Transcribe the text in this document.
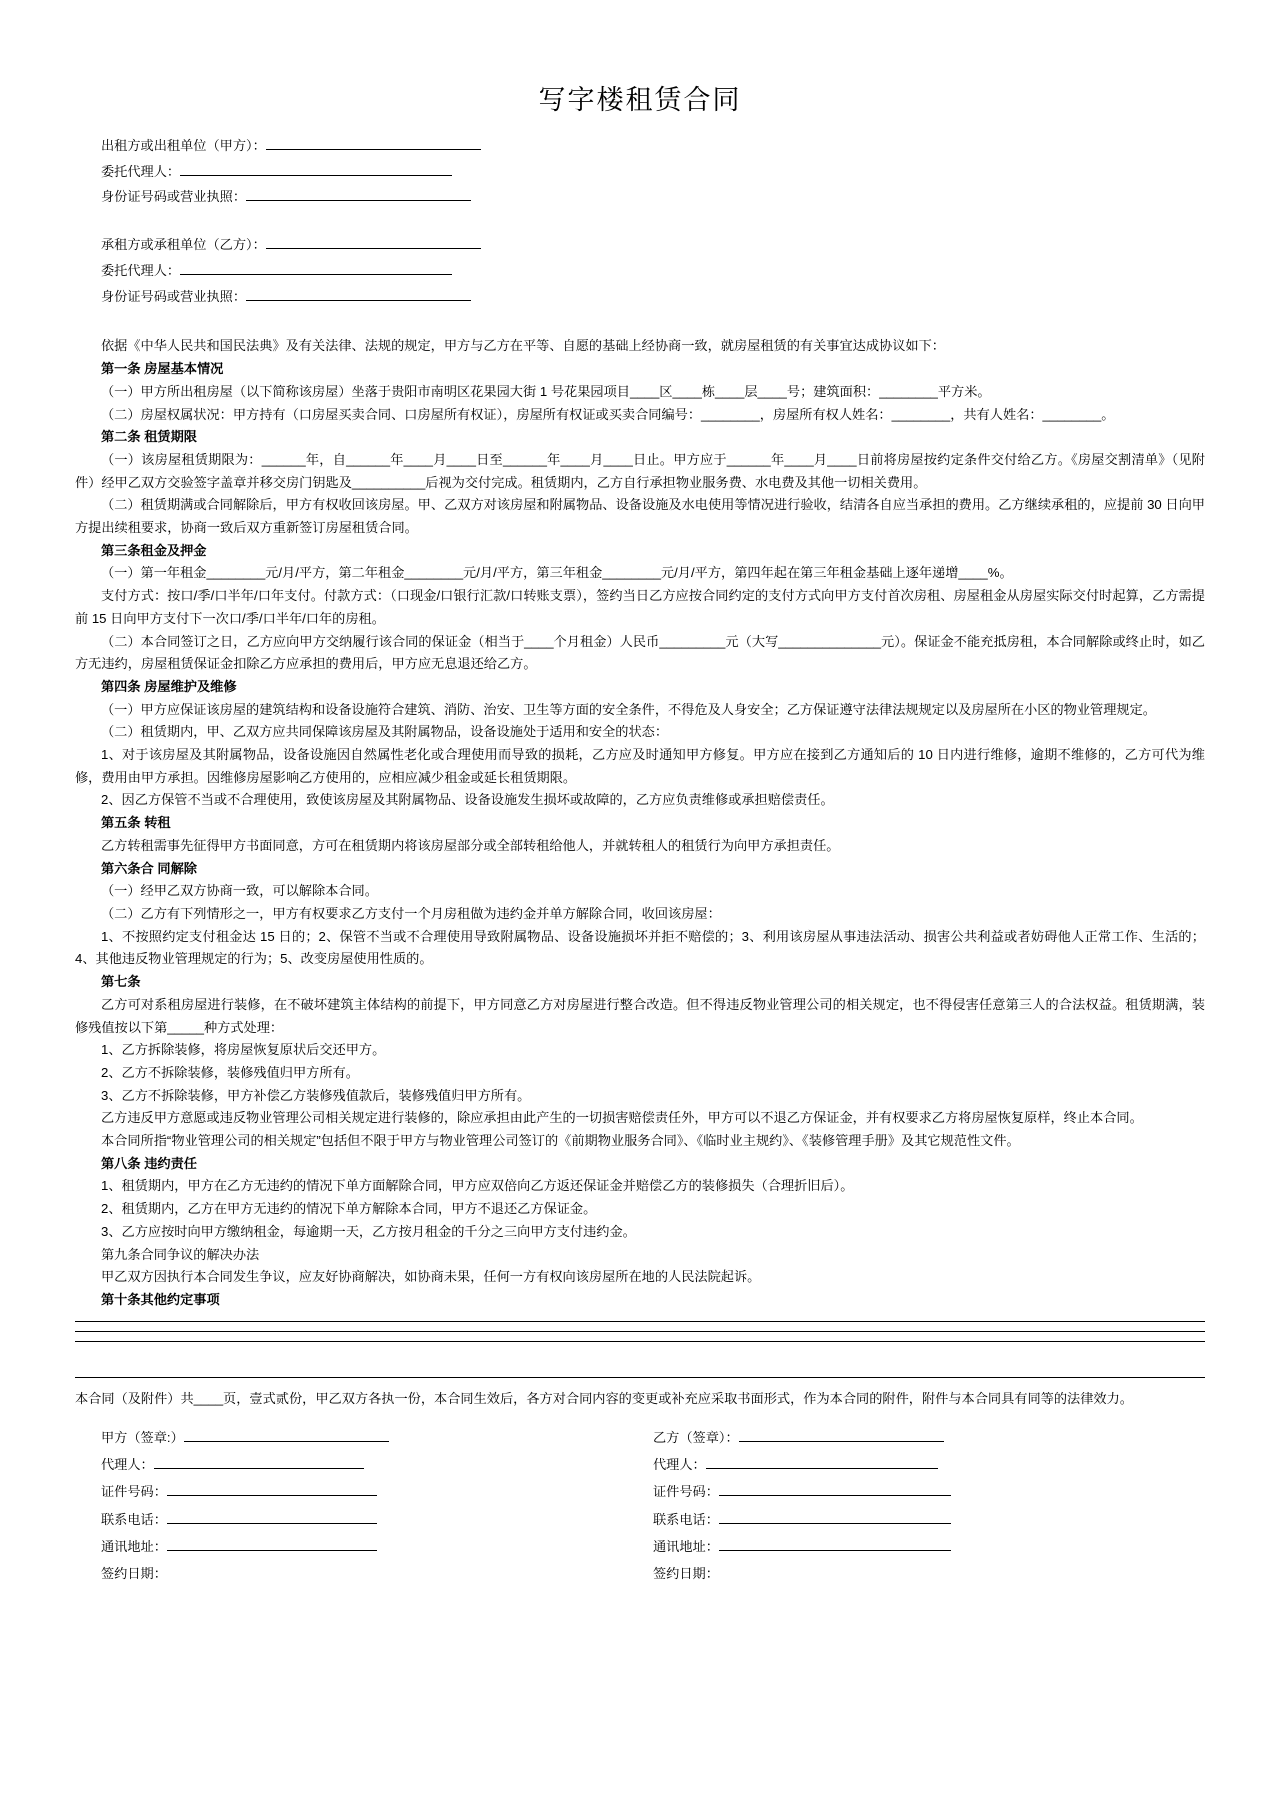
写字楼租赁合同
出租方或出租单位（甲方）：
委托代理人：
身份证号码或营业执照：
承租方或承租单位（乙方）：
委托代理人：
身份证号码或营业执照：

依据《中华人民共和国民法典》及有关法律、法规的规定，甲方与乙方在平等、自愿的基础上经协商一致，就房屋租赁的有关事宜达成协议如下：

第一条 房屋基本情况

（一）甲方所出租房屋（以下简称该房屋）坐落于贵阳市南明区花果园大街 1 号花果园项目____区____栋____层____号；建筑面积：________平方米。

（二）房屋权属状况：甲方持有（口房屋买卖合同、口房屋所有权证），房屋所有权证或买卖合同编号：________，房屋所有权人姓名：________，共有人姓名：________。

第二条 租赁期限

（一）该房屋租赁期限为：______年，自______年____月____日至______年____月____日止。甲方应于______年____月____日前将房屋按约定条件交付给乙方。《房屋交割清单》（见附件）经甲乙双方交验签字盖章并移交房门钥匙及__________后视为交付完成。租赁期内，乙方自行承担物业服务费、水电费及其他一切相关费用。

（二）租赁期满或合同解除后，甲方有权收回该房屋。甲、乙双方对该房屋和附属物品、设备设施及水电使用等情况进行验收，结清各自应当承担的费用。乙方继续承租的，应提前 30 日向甲方提出续租要求，协商一致后双方重新签订房屋租赁合同。

第三条租金及押金

（一）第一年租金________元/月/平方，第二年租金________元/月/平方，第三年租金________元/月/平方，第四年起在第三年租金基础上逐年递增____%。

支付方式：按口/季/口半年/口年支付。付款方式：（口现金/口银行汇款/口转账支票），签约当日乙方应按合同约定的支付方式向甲方支付首次房租、房屋租金从房屋实际交付时起算，乙方需提前 15 日向甲方支付下一次口/季/口半年/口年的房租。

（二）本合同签订之日，乙方应向甲方交纳履行该合同的保证金（相当于____个月租金）人民币_________元（大写______________元）。保证金不能充抵房租，本合同解除或终止时，如乙方无违约，房屋租赁保证金扣除乙方应承担的费用后，甲方应无息退还给乙方。

第四条 房屋维护及维修

（一）甲方应保证该房屋的建筑结构和设备设施符合建筑、消防、治安、卫生等方面的安全条件，不得危及人身安全；乙方保证遵守法律法规规定以及房屋所在小区的物业管理规定。

（二）租赁期内，甲、乙双方应共同保障该房屋及其附属物品，设备设施处于适用和安全的状态：

1、对于该房屋及其附属物品，设备设施因自然属性老化或合理使用而导致的损耗，乙方应及时通知甲方修复。甲方应在接到乙方通知后的 10 日内进行维修，逾期不维修的，乙方可代为维修，费用由甲方承担。因维修房屋影响乙方使用的，应相应减少租金或延长租赁期限。

2、因乙方保管不当或不合理使用，致使该房屋及其附属物品、设备设施发生损坏或故障的，乙方应负责维修或承担赔偿责任。

第五条 转租

乙方转租需事先征得甲方书面同意，方可在租赁期内将该房屋部分或全部转租给他人，并就转租人的租赁行为向甲方承担责任。

第六条合 同解除

（一）经甲乙双方协商一致，可以解除本合同。

（二）乙方有下列情形之一，甲方有权要求乙方支付一个月房租做为违约金并单方解除合同，收回该房屋：

1、不按照约定支付租金达 15 日的；2、保管不当或不合理使用导致附属物品、设备设施损坏并拒不赔偿的；3、利用该房屋从事违法活动、损害公共利益或者妨碍他人正常工作、生活的；4、其他违反物业管理规定的行为；5、改变房屋使用性质的。

第七条

乙方可对系租房屋进行装修，在不破坏建筑主体结构的前提下，甲方同意乙方对房屋进行整合改造。但不得违反物业管理公司的相关规定，也不得侵害任意第三人的合法权益。租赁期满，装修残值按以下第_____种方式处理：

1、乙方拆除装修，将房屋恢复原状后交还甲方。

2、乙方不拆除装修，装修残值归甲方所有。

3、乙方不拆除装修，甲方补偿乙方装修残值款后，装修残值归甲方所有。

乙方违反甲方意愿或违反物业管理公司相关规定进行装修的，除应承担由此产生的一切损害赔偿责任外，甲方可以不退乙方保证金，并有权要求乙方将房屋恢复原样，终止本合同。

本合同所指“物业管理公司的相关规定”包括但不限于甲方与物业管理公司签订的《前期物业服务合同》、《临时业主规约》、《装修管理手册》及其它规范性文件。

第八条 违约责任

1、租赁期内，甲方在乙方无违约的情况下单方面解除合同，甲方应双倍向乙方返还保证金并赔偿乙方的装修损失（合理折旧后）。

2、租赁期内，乙方在甲方无违约的情况下单方解除本合同，甲方不退还乙方保证金。

3、乙方应按时向甲方缴纳租金，每逾期一天，乙方按月租金的千分之三向甲方支付违约金。

第九条合同争议的解决办法

甲乙双方因执行本合同发生争议，应友好协商解决，如协商未果，任何一方有权向该房屋所在地的人民法院起诉。

第十条其他约定事项

本合同（及附件）共____页，壹式贰份，甲乙双方各执一份，本合同生效后，各方对合同内容的变更或补充应采取书面形式，作为本合同的附件，附件与本合同具有同等的法律效力。

甲方（签章:）
代理人：
证件号码：
联系电话：
通讯地址：
签约日期：
乙方（签章）：
代理人：
证件号码：
联系电话：
通讯地址：
签约日期：
